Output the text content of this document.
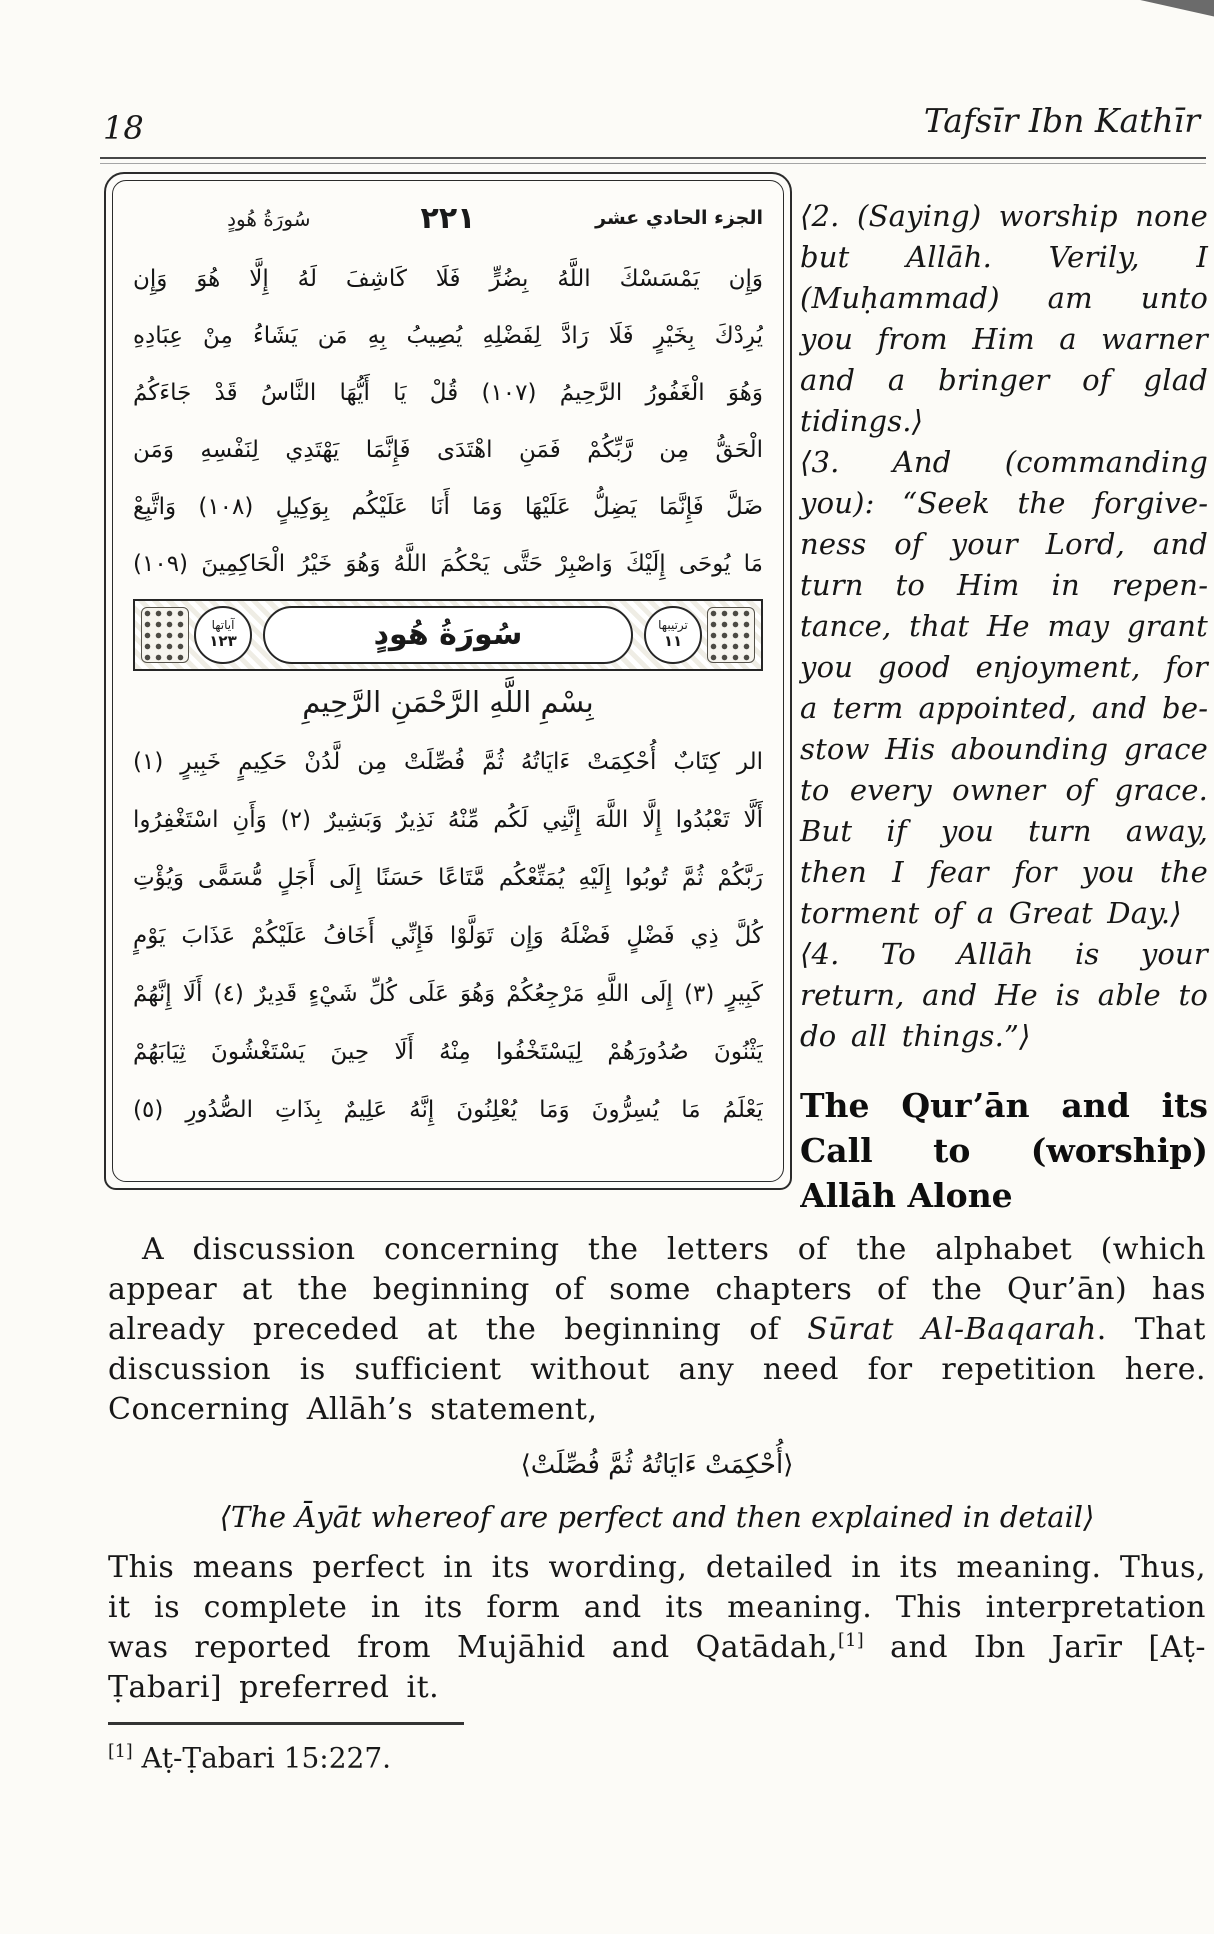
18	Tafsīr Ibn Kathīr
سُورَةُ هُودٍ	٢٢١	الجزء الحادي عشر
وَإِن يَمْسَسْكَ اللَّهُ بِضُرٍّ فَلَا كَاشِفَ لَهُ إِلَّا هُوَ وَإِن
يُرِدْكَ بِخَيْرٍ فَلَا رَادَّ لِفَضْلِهِ يُصِيبُ بِهِ مَن يَشَاءُ مِنْ عِبَادِهِ
وَهُوَ الْغَفُورُ الرَّحِيمُ (١٠٧) قُلْ يَا أَيُّهَا النَّاسُ قَدْ جَاءَكُمُ
الْحَقُّ مِن رَّبِّكُمْ فَمَنِ اهْتَدَى فَإِنَّمَا يَهْتَدِي لِنَفْسِهِ وَمَن
ضَلَّ فَإِنَّمَا يَضِلُّ عَلَيْهَا وَمَا أَنَا عَلَيْكُم بِوَكِيلٍ (١٠٨) وَاتَّبِعْ
مَا يُوحَى إِلَيْكَ وَاصْبِرْ حَتَّى يَحْكُمَ اللَّهُ وَهُوَ خَيْرُ الْحَاكِمِينَ (١٠٩)
ترتيبها
١١
سُورَةُ هُودٍ
آياتها
١٢٣
بِسْمِ اللَّهِ الرَّحْمَنِ الرَّحِيمِ
الر كِتَابٌ أُحْكِمَتْ ءَايَاتُهُ ثُمَّ فُصِّلَتْ مِن لَّدُنْ حَكِيمٍ خَبِيرٍ (١)
أَلَّا تَعْبُدُوا إِلَّا اللَّهَ إِنَّنِي لَكُم مِّنْهُ نَذِيرٌ وَبَشِيرٌ (٢) وَأَنِ اسْتَغْفِرُوا
رَبَّكُمْ ثُمَّ تُوبُوا إِلَيْهِ يُمَتِّعْكُم مَّتَاعًا حَسَنًا إِلَى أَجَلٍ مُّسَمًّى وَيُؤْتِ
كُلَّ ذِي فَضْلٍ فَضْلَهُ وَإِن تَوَلَّوْا فَإِنِّي أَخَافُ عَلَيْكُمْ عَذَابَ يَوْمٍ
كَبِيرٍ (٣) إِلَى اللَّهِ مَرْجِعُكُمْ وَهُوَ عَلَى كُلِّ شَيْءٍ قَدِيرٌ (٤) أَلَا إِنَّهُمْ
يَثْنُونَ صُدُورَهُمْ لِيَسْتَخْفُوا مِنْهُ أَلَا حِينَ يَسْتَغْشُونَ ثِيَابَهُمْ
يَعْلَمُ مَا يُسِرُّونَ وَمَا يُعْلِنُونَ إِنَّهُ عَلِيمٌ بِذَاتِ الصُّدُورِ (٥)

⟨2. (Saying) worship none but Allāh. Verily, I (Muḥammad) am unto you from Him a warner and a bringer of glad tidings.⟩

⟨3. And (commanding you): “Seek the forgiveness of your Lord, and turn to Him in repentance, that He may grant you good enjoyment, for a term appointed, and bestow His abounding grace to every owner of grace. But if you turn away, then I fear for you the torment of a Great Day.⟩

⟨4. To Allāh is your return, and He is able to do all things.”⟩

The Qur’ān and its
Call to (worship)
Allāh Alone

A discussion concerning the letters of the alphabet (which appear at the beginning of some chapters of the Qur’ān) has already preceded at the beginning of Sūrat Al-Baqarah. That discussion is sufficient without any need for repetition here. Concerning Allāh’s statement,

⟨أُحْكِمَتْ ءَايَاتُهُ ثُمَّ فُصِّلَتْ⟩
⟨The Āyāt whereof are perfect and then explained in detail⟩

This means perfect in its wording, detailed in its meaning. Thus, it is complete in its form and its meaning. This interpretation was reported from Mujāhid and Qatādah,[1] and Ibn Jarīr [Aṭ-Ṭabari] preferred it.

[1] Aṭ-Ṭabari 15:227.
